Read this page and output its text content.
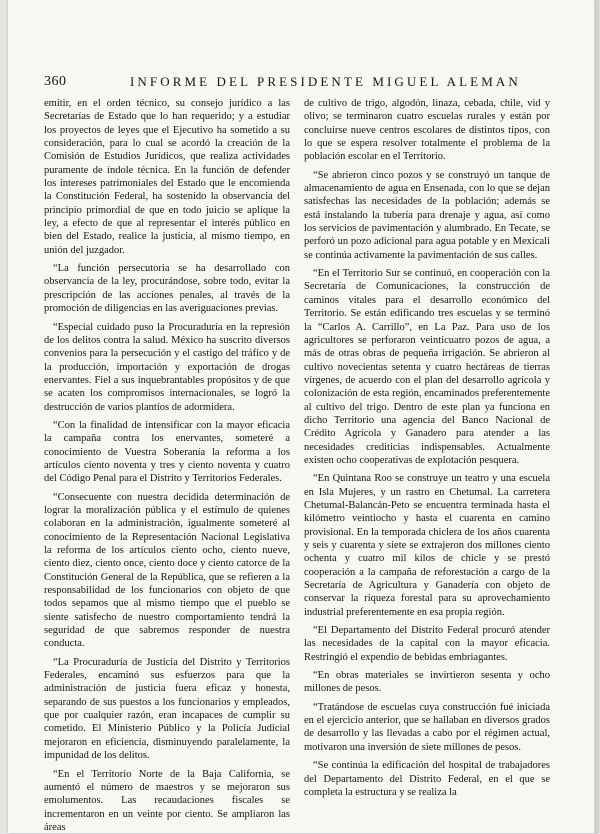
360	INFORME DEL PRESIDENTE MIGUEL ALEMAN

emitir, en el orden técnico, su consejo jurídico a las Secretarías de Estado que lo han requerido; y a estudiar los proyectos de leyes que el Ejecutivo ha sometido a su consideración, para lo cual se acordó la creación de la Comisión de Estudios Jurídicos, que realiza actividades puramente de índole técnica. En la función de defender los intereses patrimoniales del Estado que le encomienda la Constitución Federal, ha sostenido la observancia del principio primordial de que en todo juicio se aplique la ley, a efecto de que al representar el interés público en bien del Estado, realice la justicia, al mismo tiempo, en unión del juzgador.

“La función persecutoria se ha desarrollado con observancia de la ley, procurándose, sobre todo, evitar la prescripción de las acciones penales, al través de la promoción de diligencias en las averiguaciones previas.

“Especial cuidado puso la Procuraduría en la represión de los delitos contra la salud. México ha suscrito diversos convenios para la persecución y el castigo del tráfico y de la producción, importación y exportación de drogas enervantes. Fiel a sus inquebrantables propósitos y de que se acaten los compromisos internacionales, se logró la destrucción de varios plantíos de adormidera.

“Con la finalidad de intensificar con la mayor eficacia la campaña contra los enervantes, someteré a conocimiento de Vuestra Soberanía la reforma a los artículos ciento noventa y tres y ciento noventa y cuatro del Código Penal para el Distrito y Territorios Federales.

“Consecuente con nuestra decidida determinación de lograr la moralización pública y el estímulo de quienes colaboran en la administración, igualmente someteré al conocimiento de la Representación Nacional Legislativa la reforma de los artículos ciento ocho, ciento nueve, ciento diez, ciento once, ciento doce y ciento catorce de la Constitución General de la República, que se refieren a la responsabilidad de los funcionarios con objeto de que todos sepamos que al mismo tiempo que el pueblo se siente satisfecho de nuestro comportamiento tendrá la seguridad de que sabremos responder de nuestra conducta.

“La Procuraduría de Justicia del Distrito y Territorios Federales, encaminó sus esfuerzos para que la administración de justicia fuera eficaz y honesta, separando de sus puestos a los funcionarios y empleados, que por cualquier razón, eran incapaces de cumplir su cometido. El Ministerio Público y la Policía Judicial mejoraron en eficiencia, disminuyendo paralelamente, la impunidad de los delitos.

“En el Territorio Norte de la Baja California, se aumentó el número de maestros y se mejoraron sus emolumentos. Las recaudaciones fiscales se incrementaron en un veinte por ciento. Se ampliaron las áreas

de cultivo de trigo, algodón, linaza, cebada, chile, vid y olivo; se terminaron cuatro escuelas rurales y están por concluirse nueve centros escolares de distintos tipos, con lo que se espera resolver totalmente el problema de la población escolar en el Territorio.

“Se abrieron cinco pozos y se construyó un tanque de almacenamiento de agua en Ensenada, con lo que se dejan satisfechas las necesidades de la población; además se está instalando la tubería para drenaje y agua, así como los servicios de pavimentación y alumbrado. En Tecate, se perforó un pozo adicional para agua potable y en Mexicali se continúa activamente la pavimentación de sus calles.

“En el Territorio Sur se continuó, en cooperación con la Secretaría de Comunicaciones, la construcción de caminos vitales para el desarrollo económico del Territorio. Se están edificando tres escuelas y se terminó la “Carlos A. Carrillo”, en La Paz. Para uso de los agricultores se perforaron veinticuatro pozos de agua, a más de otras obras de pequeña irrigación. Se abrieron al cultivo novecientas setenta y cuatro hectáreas de tierras vírgenes, de acuerdo con el plan del desarrollo agrícola y colonización de esta región, encaminados preferentemente al cultivo del trigo. Dentro de este plan ya funciona en dicho Territorio una agencia del Banco Nacional de Crédito Agrícola y Ganadero para atender a las necesidades crediticias indispensables. Actualmente existen ocho cooperativas de explotación pesquera.

“En Quintana Roo se construye un teatro y una escuela en Isla Mujeres, y un rastro en Chetumal. La carretera Chetumal-Balancán-Peto se encuentra terminada hasta el kilómetro veintiocho y hasta el cuarenta en camino provisional. En la temporada chiclera de los años cuarenta y seis y cuarenta y siete se extrajeron dos millones ciento ochenta y cuatro mil kilos de chicle y se prestó cooperación a la campaña de reforestación a cargo de la Secretaría de Agricultura y Ganadería con objeto de conservar la riqueza forestal para su aprovechamiento industrial preferentemente en esa propia región.

“El Departamento del Distrito Federal procuró atender las necesidades de la capital con la mayor eficacia. Restringió el expendio de bebidas embriagantes.

“En obras materiales se invirtieron sesenta y ocho millones de pesos.

“Tratándose de escuelas cuya construcción fué iniciada en el ejercicio anterior, que se hallaban en diversos grados de desarrollo y las llevadas a cabo por el régimen actual, motivaron una inversión de siete millones de pesos.

“Se continúa la edificación del hospital de trabajadores del Departamento del Distrito Federal, en el que se completa la estructura y se realiza la
